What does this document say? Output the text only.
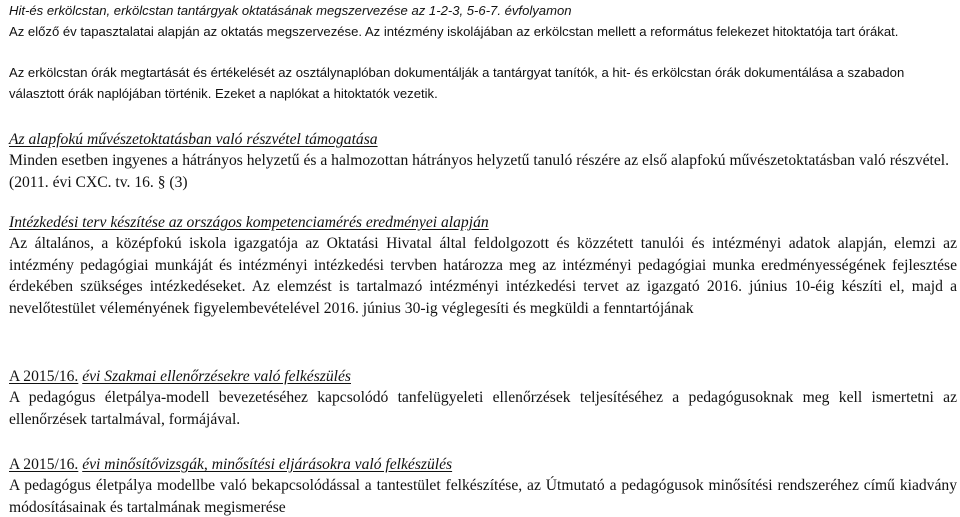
Hit-és erkölcstan, erkölcstan tantárgyak oktatásának megszervezése az 1-2-3, 5-6-7. évfolyamon
Az előző év tapasztalatai alapján az oktatás megszervezése. Az intézmény iskolájában az erkölcstan mellett a református felekezet hitoktatója tart órákat.

Az erkölcstan órák megtartását és értékelését az osztálynaplóban dokumentálják a tantárgyat tanítók, a hit- és erkölcstan órák dokumentálása a szabadon választott órák naplójában történik. Ezeket a naplókat a hitoktatók vezetik.

Az alapfokú művészetoktatásban való részvétel támogatása
Minden esetben ingyenes a hátrányos helyzetű és a halmozottan hátrányos helyzetű tanuló részére az első alapfokú művészetoktatásban való részvétel. (2011. évi CXC. tv. 16. § (3)

Intézkedési terv készítése az országos kompetenciamérés eredményei alapján
Az általános, a középfokú iskola igazgatója az Oktatási Hivatal által feldolgozott és közzétett tanulói és intézményi adatok alapján, elemzi az intézmény pedagógiai munkáját és intézményi intézkedési tervben határozza meg az intézményi pedagógiai munka eredményességének fejlesztése érdekében szükséges intézkedéseket. Az elemzést is tartalmazó intézményi intézkedési tervet az igazgató 2016. június 10-éig készíti el, majd a nevelőtestület véleményének figyelembevételével 2016. június 30-ig véglegesíti és megküldi a fenntartójának

A 2015/16. évi Szakmai ellenőrzésekre való felkészülés
A pedagógus életpálya-modell bevezetéséhez kapcsolódó tanfelügyeleti ellenőrzések teljesítéséhez a pedagógusoknak meg kell ismertetni az ellenőrzések tartalmával, formájával.

A 2015/16. évi minősítővizsgák, minősítési eljárásokra való felkészülés
A pedagógus életpálya modellbe való bekapcsolódással a tantestület felkészítése, az Útmutató a pedagógusok minősítési rendszeréhez című kiadvány módosításainak és tartalmának megismerése
